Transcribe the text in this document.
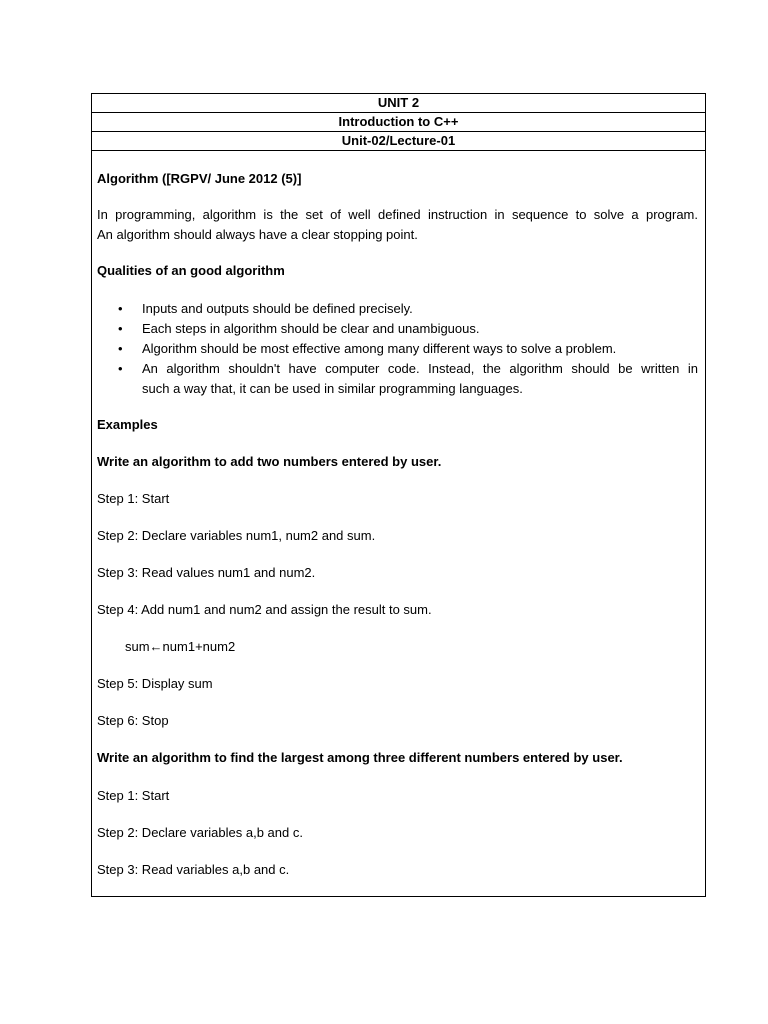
UNIT 2
Introduction to C++
Unit-02/Lecture-01
Algorithm ([RGPV/ June 2012 (5)]
In programming, algorithm is the set of well defined instruction in sequence to solve a program.
An algorithm should always have a clear stopping point.
Qualities of an good algorithm
• Inputs and outputs should be defined precisely.
• Each steps in algorithm should be clear and unambiguous.
• Algorithm should be most effective among many different ways to solve a problem.
• An algorithm shouldn't have computer code. Instead, the algorithm should be written in
such a way that, it can be used in similar programming languages.
Examples
Write an algorithm to add two numbers entered by user.
Step 1: Start
Step 2: Declare variables num1, num2 and sum.
Step 3: Read values num1 and num2.
Step 4: Add num1 and num2 and assign the result to sum.
sum←num1+num2
Step 5: Display sum
Step 6: Stop
Write an algorithm to find the largest among three different numbers entered by user.
Step 1: Start
Step 2: Declare variables a,b and c.
Step 3: Read variables a,b and c.
